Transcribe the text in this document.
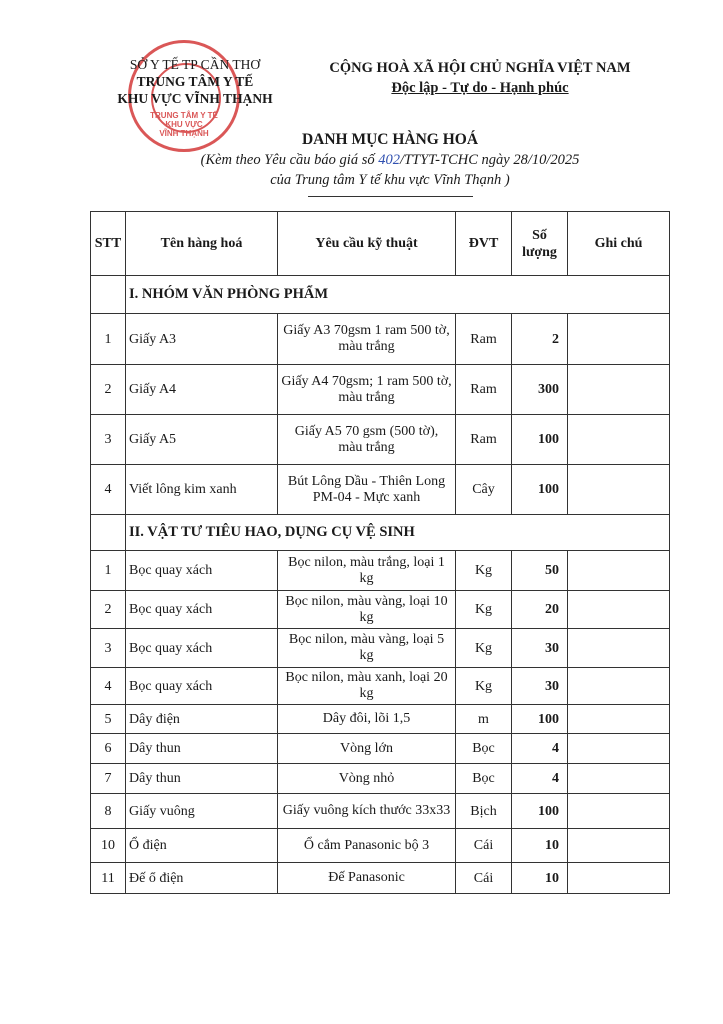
TRUNG TÂM Y TẾ
KHU VỰC
VĨNH THẠNH
SỞ Y TẾ TP CẦN THƠ
TRUNG TÂM Y TẾ
KHU VỰC VĨNH THẠNH
CỘNG HOÀ XÃ HỘI CHỦ NGHĨA VIỆT NAM
Độc lập - Tự do - Hạnh phúc
DANH MỤC HÀNG HOÁ
(Kèm theo Yêu cầu báo giá số 402/TTYT-TCHC ngày 28/10/2025
của Trung tâm Y tế khu vực Vĩnh Thạnh )
STT	Tên hàng hoá	Yêu cầu kỹ thuật	ĐVT	Số lượng	Ghi chú
	I. NHÓM VĂN PHÒNG PHẨM				
1	Giấy A3	Giấy A3 70gsm 1 ram 500 tờ, màu trắng	Ram	2	
2	Giấy A4	Giấy A4 70gsm; 1 ram 500 tờ, màu trắng	Ram	300	
3	Giấy A5	Giấy A5 70 gsm (500 tờ), màu trắng	Ram	100	
4	Viết lông kim xanh	Bút Lông Dầu - Thiên Long PM-04 - Mực xanh	Cây	100	
	II. VẬT TƯ TIÊU HAO, DỤNG CỤ VỆ SINH				
1	Bọc quay xách	Bọc nilon, màu trắng, loại 1 kg	Kg	50	
2	Bọc quay xách	Bọc nilon, màu vàng, loại 10 kg	Kg	20	
3	Bọc quay xách	Bọc nilon, màu vàng, loại 5 kg	Kg	30	
4	Bọc quay xách	Bọc nilon, màu xanh, loại 20 kg	Kg	30	
5	Dây điện	Dây đôi, lõi 1,5	m	100	
6	Dây thun	Vòng lớn	Bọc	4	
7	Dây thun	Vòng nhỏ	Bọc	4	
8	Giấy vuông	Giấy vuông kích thước 33x33	Bịch	100	
10	Ổ điện	Ổ cắm Panasonic bộ 3	Cái	10	
11	Đế ổ điện	Đế Panasonic	Cái	10	
